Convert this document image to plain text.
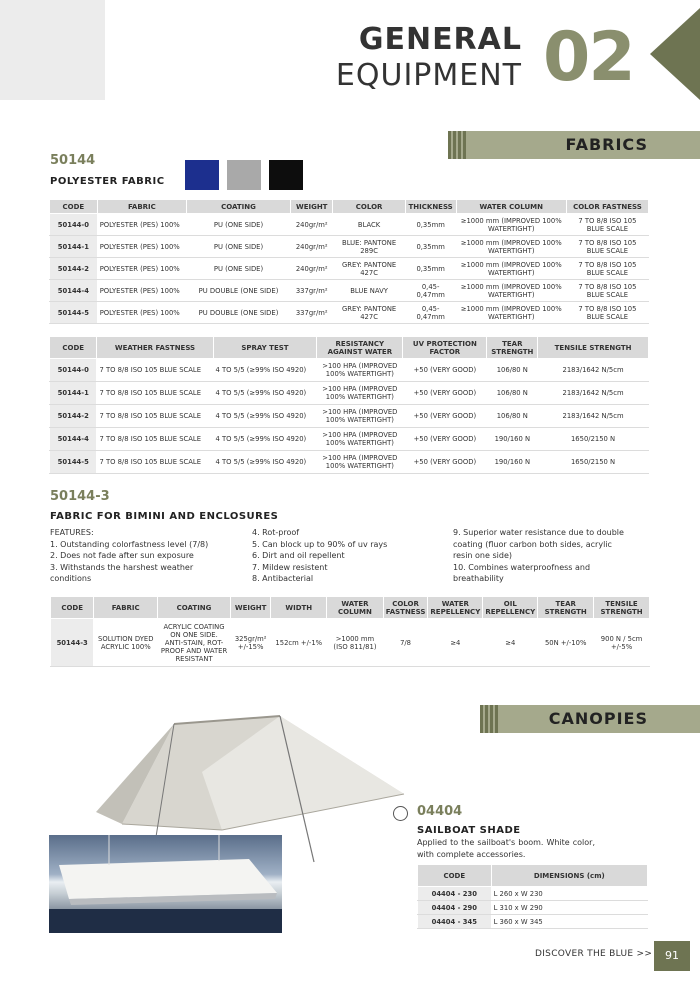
GENERAL
EQUIPMENT 02
FABRICS
50144
POLYESTER FABRIC
CODE	FABRIC	COATING	WEIGHT	COLOR	THICKNESS	WATER COLUMN	COLOR FASTNESS
50144-0	POLYESTER (PES) 100%	PU (ONE SIDE)	240gr/m²	BLACK	0,35mm	≥1000 mm (IMPROVED 100% WATERTIGHT)	7 TO 8/8 ISO 105 BLUE SCALE
50144-1	POLYESTER (PES) 100%	PU (ONE SIDE)	240gr/m²	BLUE: PANTONE 289C	0,35mm	≥1000 mm (IMPROVED 100% WATERTIGHT)	7 TO 8/8 ISO 105 BLUE SCALE
50144-2	POLYESTER (PES) 100%	PU (ONE SIDE)	240gr/m²	GREY: PANTONE 427C	0,35mm	≥1000 mm (IMPROVED 100% WATERTIGHT)	7 TO 8/8 ISO 105 BLUE SCALE
50144-4	POLYESTER (PES) 100%	PU DOUBLE (ONE SIDE)	337gr/m²	BLUE NAVY	0,45-0,47mm	≥1000 mm (IMPROVED 100% WATERTIGHT)	7 TO 8/8 ISO 105 BLUE SCALE
50144-5	POLYESTER (PES) 100%	PU DOUBLE (ONE SIDE)	337gr/m²	GREY: PANTONE 427C	0,45-0,47mm	≥1000 mm (IMPROVED 100% WATERTIGHT)	7 TO 8/8 ISO 105 BLUE SCALE
CODE	WEATHER FASTNESS	SPRAY TEST	RESISTANCY AGAINST WATER	UV PROTECTION FACTOR	TEAR STRENGTH	TENSILE STRENGTH
50144-0	7 TO 8/8 ISO 105 BLUE SCALE	4 TO 5/5 (≥99% ISO 4920)	>100 HPA (IMPROVED 100% WATERTIGHT)	+50 (VERY GOOD)	106/80 N	2183/1642 N/5cm
50144-1	7 TO 8/8 ISO 105 BLUE SCALE	4 TO 5/5 (≥99% ISO 4920)	>100 HPA (IMPROVED 100% WATERTIGHT)	+50 (VERY GOOD)	106/80 N	2183/1642 N/5cm
50144-2	7 TO 8/8 ISO 105 BLUE SCALE	4 TO 5/5 (≥99% ISO 4920)	>100 HPA (IMPROVED 100% WATERTIGHT)	+50 (VERY GOOD)	106/80 N	2183/1642 N/5cm
50144-4	7 TO 8/8 ISO 105 BLUE SCALE	4 TO 5/5 (≥99% ISO 4920)	>100 HPA (IMPROVED 100% WATERTIGHT)	+50 (VERY GOOD)	190/160 N	1650/2150 N
50144-5	7 TO 8/8 ISO 105 BLUE SCALE	4 TO 5/5 (≥99% ISO 4920)	>100 HPA (IMPROVED 100% WATERTIGHT)	+50 (VERY GOOD)	190/160 N	1650/2150 N
50144-3
FABRIC FOR BIMINI AND ENCLOSURES
FEATURES:
1. Outstanding colorfastness level (7/8)
2. Does not fade after sun exposure
3. Withstands the harshest weather
conditions
4. Rot-proof
5. Can block up to 90% of uv rays
6. Dirt and oil repellent
7. Mildew resistent
8. Antibacterial
9. Superior water resistance due to double
coating (fluor carbon both sides, acrylic
resin one side)
10. Combines waterproofness and
breathability
CODE	FABRIC	COATING	WEIGHT	WIDTH	WATER COLUMN	COLOR FASTNESS	WATER REPELLENCY	OIL REPELLENCY	TEAR STRENGTH	TENSILE STRENGTH
50144-3	SOLUTION DYED ACRYLIC 100%	ACRYLIC COATING ON ONE SIDE. ANTI-STAIN, ROT-PROOF AND WATER RESISTANT	325gr/m² +/-15%	152cm +/-1%	>1000 mm (ISO 811/81)	7/8	≥4	≥4	50N +/-10%	900 N / 5cm +/-5%
CANOPIES
04404
SAILBOAT SHADE
Applied to the sailboat's boom. White color, with complete accessories.
CODE	DIMENSIONS (cm)
04404 - 230	L 260 x W 230
04404 - 290	L 310 x W 290
04404 - 345	L 360 x W 345
DISCOVER THE BLUE >>	91
